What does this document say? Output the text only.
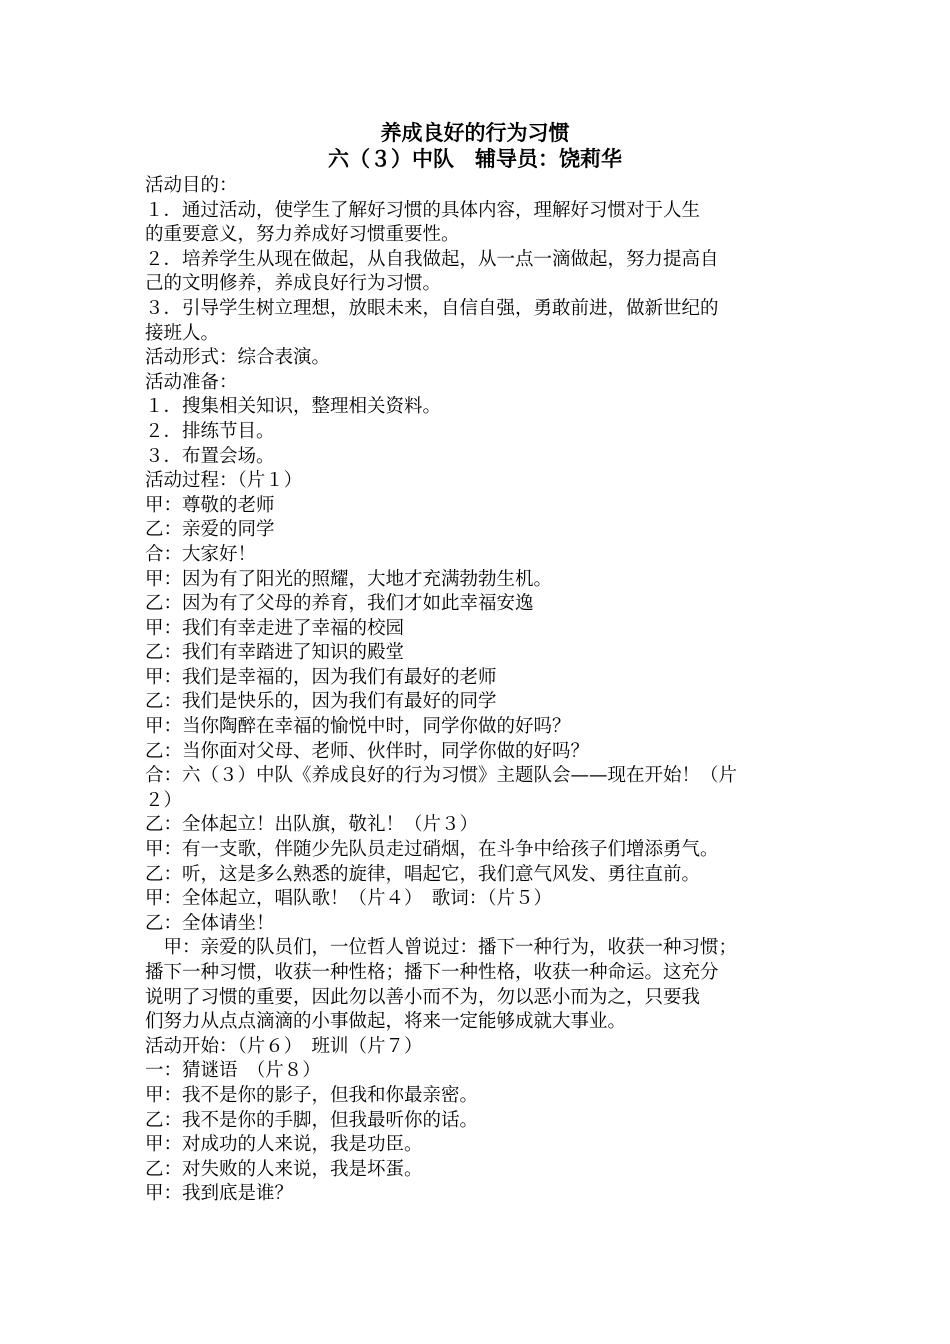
养成良好的行为习惯
六（３）中队　辅导员：饶莉华
活动目的：
１．通过活动，使学生了解好习惯的具体内容，理解好习惯对于人生
的重要意义，努力养成好习惯重要性。
２．培养学生从现在做起，从自我做起，从一点一滴做起，努力提高自
己的文明修养，养成良好行为习惯。
３．引导学生树立理想，放眼未来，自信自强，勇敢前进，做新世纪的
接班人。
活动形式：综合表演。
活动准备：
１．搜集相关知识，整理相关资料。
２．排练节目。
３．布置会场。
活动过程：（片１）
甲：尊敬的老师
乙：亲爱的同学
合：大家好！
甲：因为有了阳光的照耀，大地才充满勃勃生机。
乙：因为有了父母的养育，我们才如此幸福安逸
甲：我们有幸走进了幸福的校园
乙：我们有幸踏进了知识的殿堂
甲：我们是幸福的，因为我们有最好的老师
乙：我们是快乐的，因为我们有最好的同学
甲：当你陶醉在幸福的愉悦中时，同学你做的好吗？
乙：当你面对父母、老师、伙伴时，同学你做的好吗？
合：六（３）中队《养成良好的行为习惯》主题队会——现在开始！（片
２）
乙：全体起立！出队旗，敬礼！（片３）
甲：有一支歌，伴随少先队员走过硝烟，在斗争中给孩子们增添勇气。
乙：听，这是多么熟悉的旋律，唱起它，我们意气风发、勇往直前。
甲：全体起立，唱队歌！（片４）　歌词：（片５）
乙：全体请坐！
　甲：亲爱的队员们，一位哲人曾说过：播下一种行为，收获一种习惯；
播下一种习惯，收获一种性格；播下一种性格，收获一种命运。这充分
说明了习惯的重要，因此勿以善小而不为，勿以恶小而为之，只要我
们努力从点点滴滴的小事做起，将来一定能够成就大事业。
活动开始：（片６）　班训（片７）
一：猜谜语　（片８）
甲：我不是你的影子，但我和你最亲密。
乙：我不是你的手脚，但我最听你的话。
甲：对成功的人来说，我是功臣。
乙：对失败的人来说，我是坏蛋。
甲：我到底是谁？
